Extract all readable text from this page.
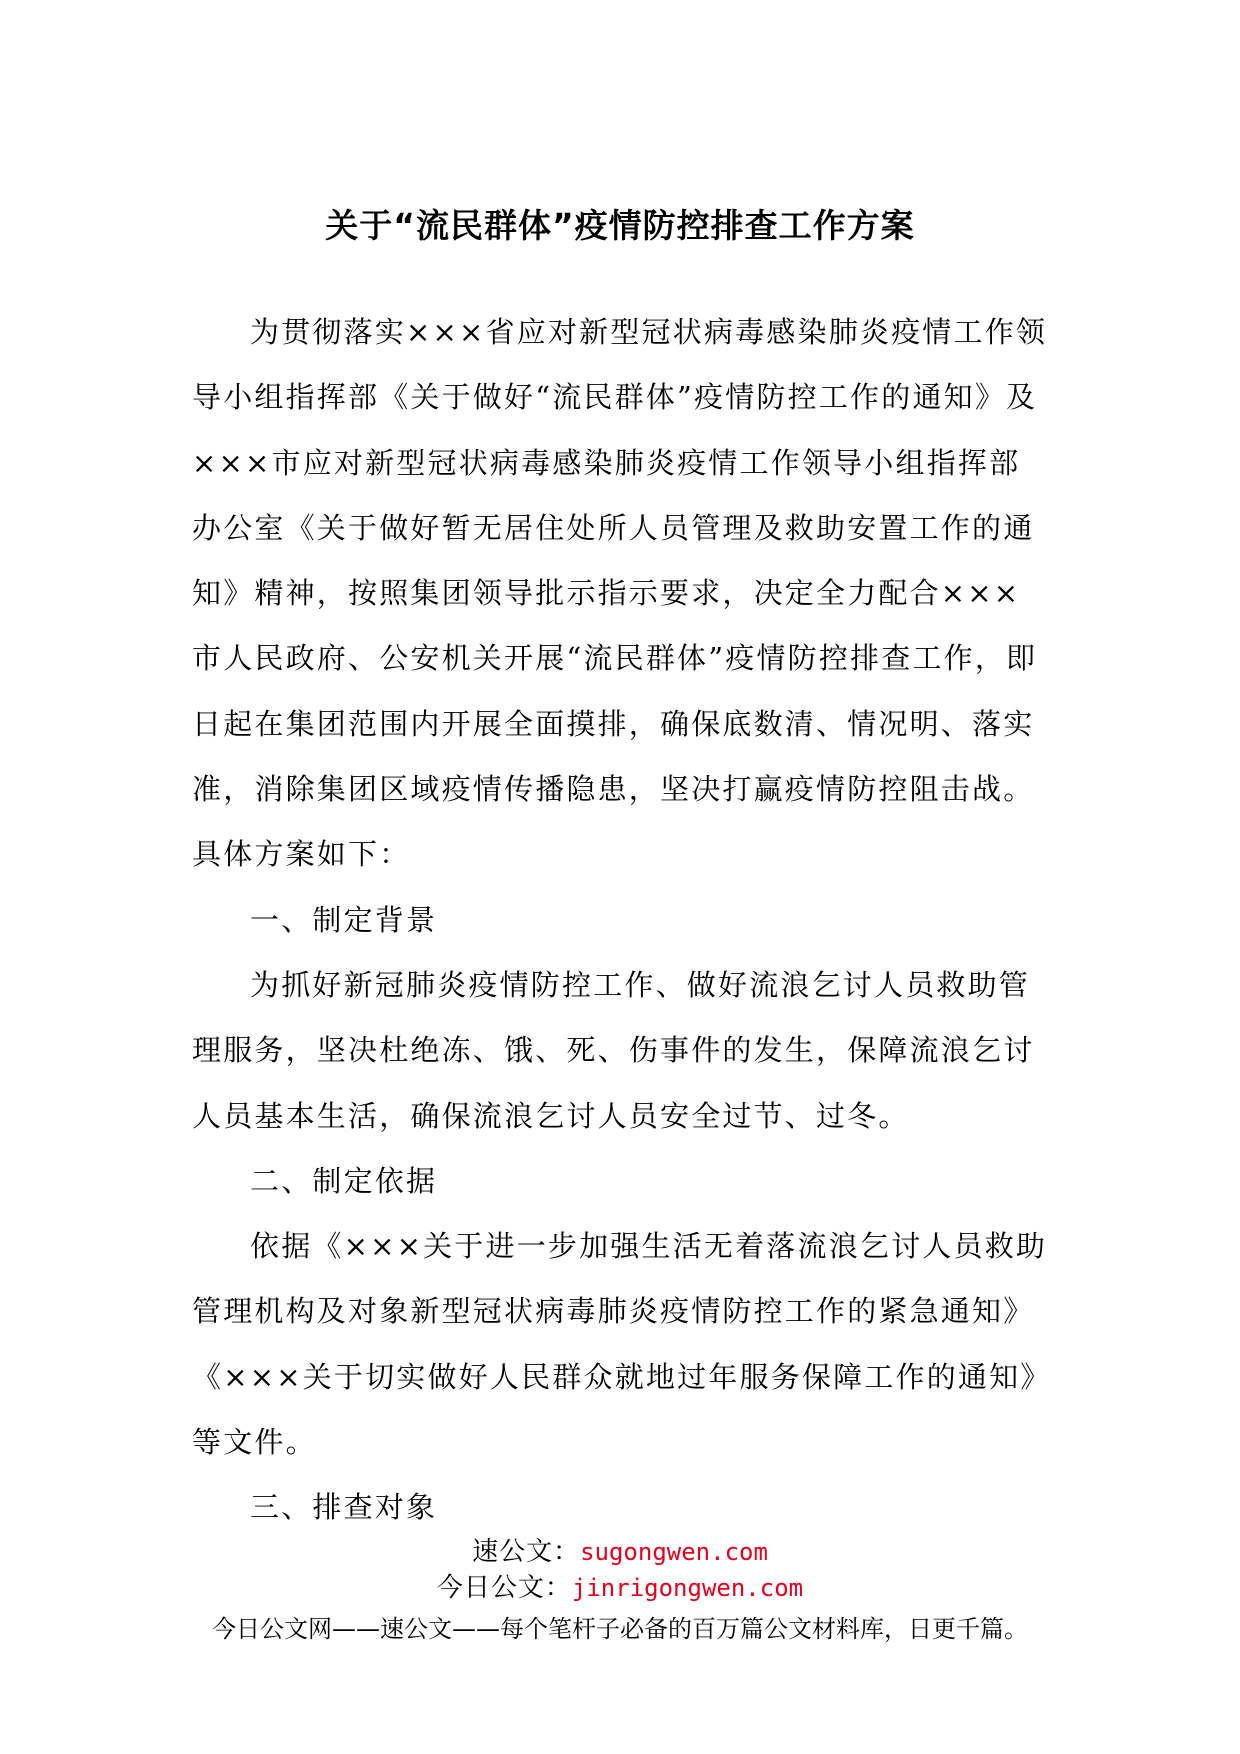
关于“流民群体”疫情防控排查工作方案

为贯彻落实×××省应对新型冠状病毒感染肺炎疫情工作领导小组指挥部《关于做好“流民群体”疫情防控工作的通知》及×××市应对新型冠状病毒感染肺炎疫情工作领导小组指挥部办公室《关于做好暂无居住处所人员管理及救助安置工作的通知》精神，按照集团领导批示指示要求，决定全力配合×××市人民政府、公安机关开展“流民群体”疫情防控排查工作，即日起在集团范围内开展全面摸排，确保底数清、情况明、落实准，消除集团区域疫情传播隐患，坚决打赢疫情防控阻击战。具体方案如下：

一、制定背景

为抓好新冠肺炎疫情防控工作、做好流浪乞讨人员救助管理服务，坚决杜绝冻、饿、死、伤事件的发生，保障流浪乞讨人员基本生活，确保流浪乞讨人员安全过节、过冬。

二、制定依据

依据《×××关于进一步加强生活无着落流浪乞讨人员救助管理机构及对象新型冠状病毒肺炎疫情防控工作的紧急通知》《×××关于切实做好人民群众就地过年服务保障工作的通知》等文件。

三、排查对象

速公文：sugongwen.com
今日公文：jinrigongwen.com
今日公文网——速公文——每个笔杆子必备的百万篇公文材料库，日更千篇。
